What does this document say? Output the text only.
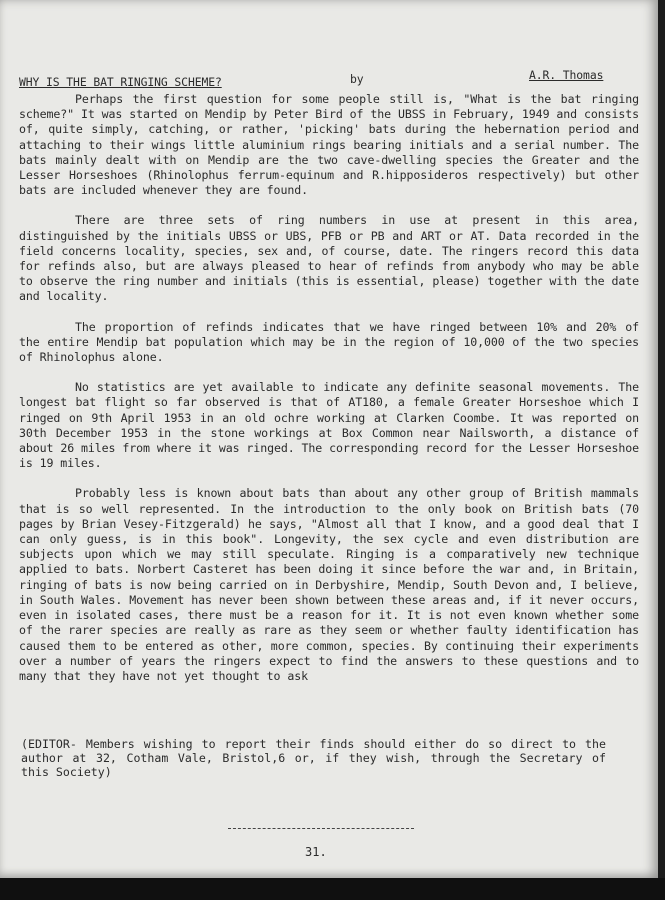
WHY IS THE BAT RINGING SCHEME?	by	A.R. Thomas

Perhaps the first question for some people still is, "What is the bat ringing scheme?" It was started on Mendip by Peter Bird of the UBSS in February, 1949 and consists of, quite simply, catching, or rather, 'picking' bats during the hebernation period and attaching to their wings little aluminium rings bearing initials and a serial number. The bats mainly dealt with on Mendip are the two cave-dwelling species the Greater and the Lesser Horseshoes (Rhinolophus ferrum-equinum and R.hipposideros respectively) but other bats are included whenever they are found.

There are three sets of ring numbers in use at present in this area, distinguished by the initials UBSS or UBS, PFB or PB and ART or AT. Data recorded in the field concerns locality, species, sex and, of course, date. The ringers record this data for refinds also, but are always pleased to hear of refinds from anybody who may be able to observe the ring number and initials (this is essential, please) together with the date and locality.

The proportion of refinds indicates that we have ringed between 10% and 20% of the entire Mendip bat population which may be in the region of 10,000 of the two species of Rhinolophus alone.

No statistics are yet available to indicate any definite seasonal movements. The longest bat flight so far observed is that of AT180, a female Greater Horseshoe which I ringed on 9th April 1953 in an old ochre working at Clarken Coombe. It was reported on 30th December 1953 in the stone workings at Box Common near Nailsworth, a distance of about 26 miles from where it was ringed. The corresponding record for the Lesser Horseshoe is 19 miles.

Probably less is known about bats than about any other group of British mammals that is so well represented. In the introduction to the only book on British bats (70 pages by Brian Vesey-Fitzgerald) he says, "Almost all that I know, and a good deal that I can only guess, is in this book". Longevity, the sex cycle and even distribution are subjects upon which we may still speculate. Ringing is a comparatively new technique applied to bats. Norbert Casteret has been doing it since before the war and, in Britain, ringing of bats is now being carried on in Derbyshire, Mendip, South Devon and, I believe, in South Wales. Movement has never been shown between these areas and, if it never occurs, even in isolated cases, there must be a reason for it. It is not even known whether some of the rarer species are really as rare as they seem or whether faulty identification has caused them to be entered as other, more common, species. By continuing their experiments over a number of years the ringers expect to find the answers to these questions and to many that they have not yet thought to ask

(EDITOR- Members wishing to report their finds should either do so direct to the author at 32, Cotham Vale, Bristol,6 or, if they wish, through the Secretary of this Society)
31.
